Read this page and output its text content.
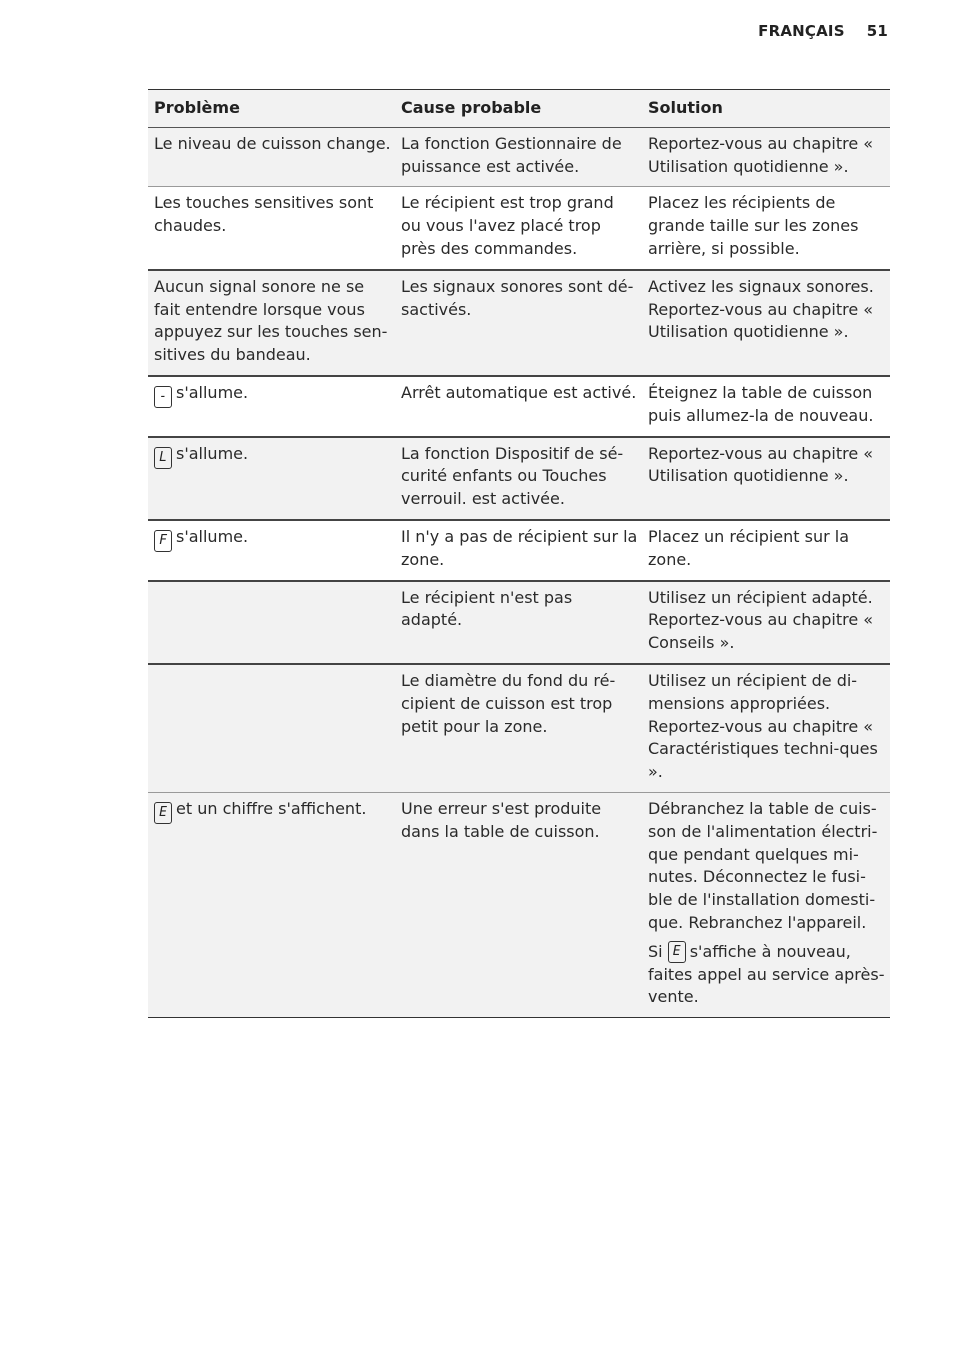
FRANÇAIS 51
Problème	Cause probable	Solution
Le niveau de cuisson change.	La fonction Gestionnaire de puissance est activée.	Reportez-vous au chapitre « Utilisation quotidienne ».
Les touches sensitives sont chaudes.	Le récipient est trop grand ou vous l'avez placé trop près des commandes.	Placez les récipients de grande taille sur les zones arrière, si possible.
Aucun signal sonore ne se fait entendre lorsque vous appuyez sur les touches sen-sitives du bandeau.	Les signaux sonores sont dé-sactivés.	Activez les signaux sonores. Reportez-vous au chapitre « Utilisation quotidienne ».
- s'allume.	Arrêt automatique est activé.	Éteignez la table de cuisson puis allumez-la de nouveau.
L s'allume.	La fonction Dispositif de sé-curité enfants ou Touches verrouil. est activée.	Reportez-vous au chapitre « Utilisation quotidienne ».
F s'allume.	Il n'y a pas de récipient sur la zone.	Placez un récipient sur la zone.
	Le récipient n'est pas adapté.	Utilisez un récipient adapté. Reportez-vous au chapitre « Conseils ».
	Le diamètre du fond du ré-cipient de cuisson est trop petit pour la zone.	Utilisez un récipient de di-mensions appropriées. Reportez-vous au chapitre « Caractéristiques techni-ques ».
E et un chiffre s'affichent.	Une erreur s'est produite dans la table de cuisson.	Débranchez la table de cuis-son de l'alimentation électri-que pendant quelques mi-nutes. Déconnectez le fusi-ble de l'installation domesti-que. Rebranchez l'appareil.

Si E s'affiche à nouveau, faites appel au service après-vente.
